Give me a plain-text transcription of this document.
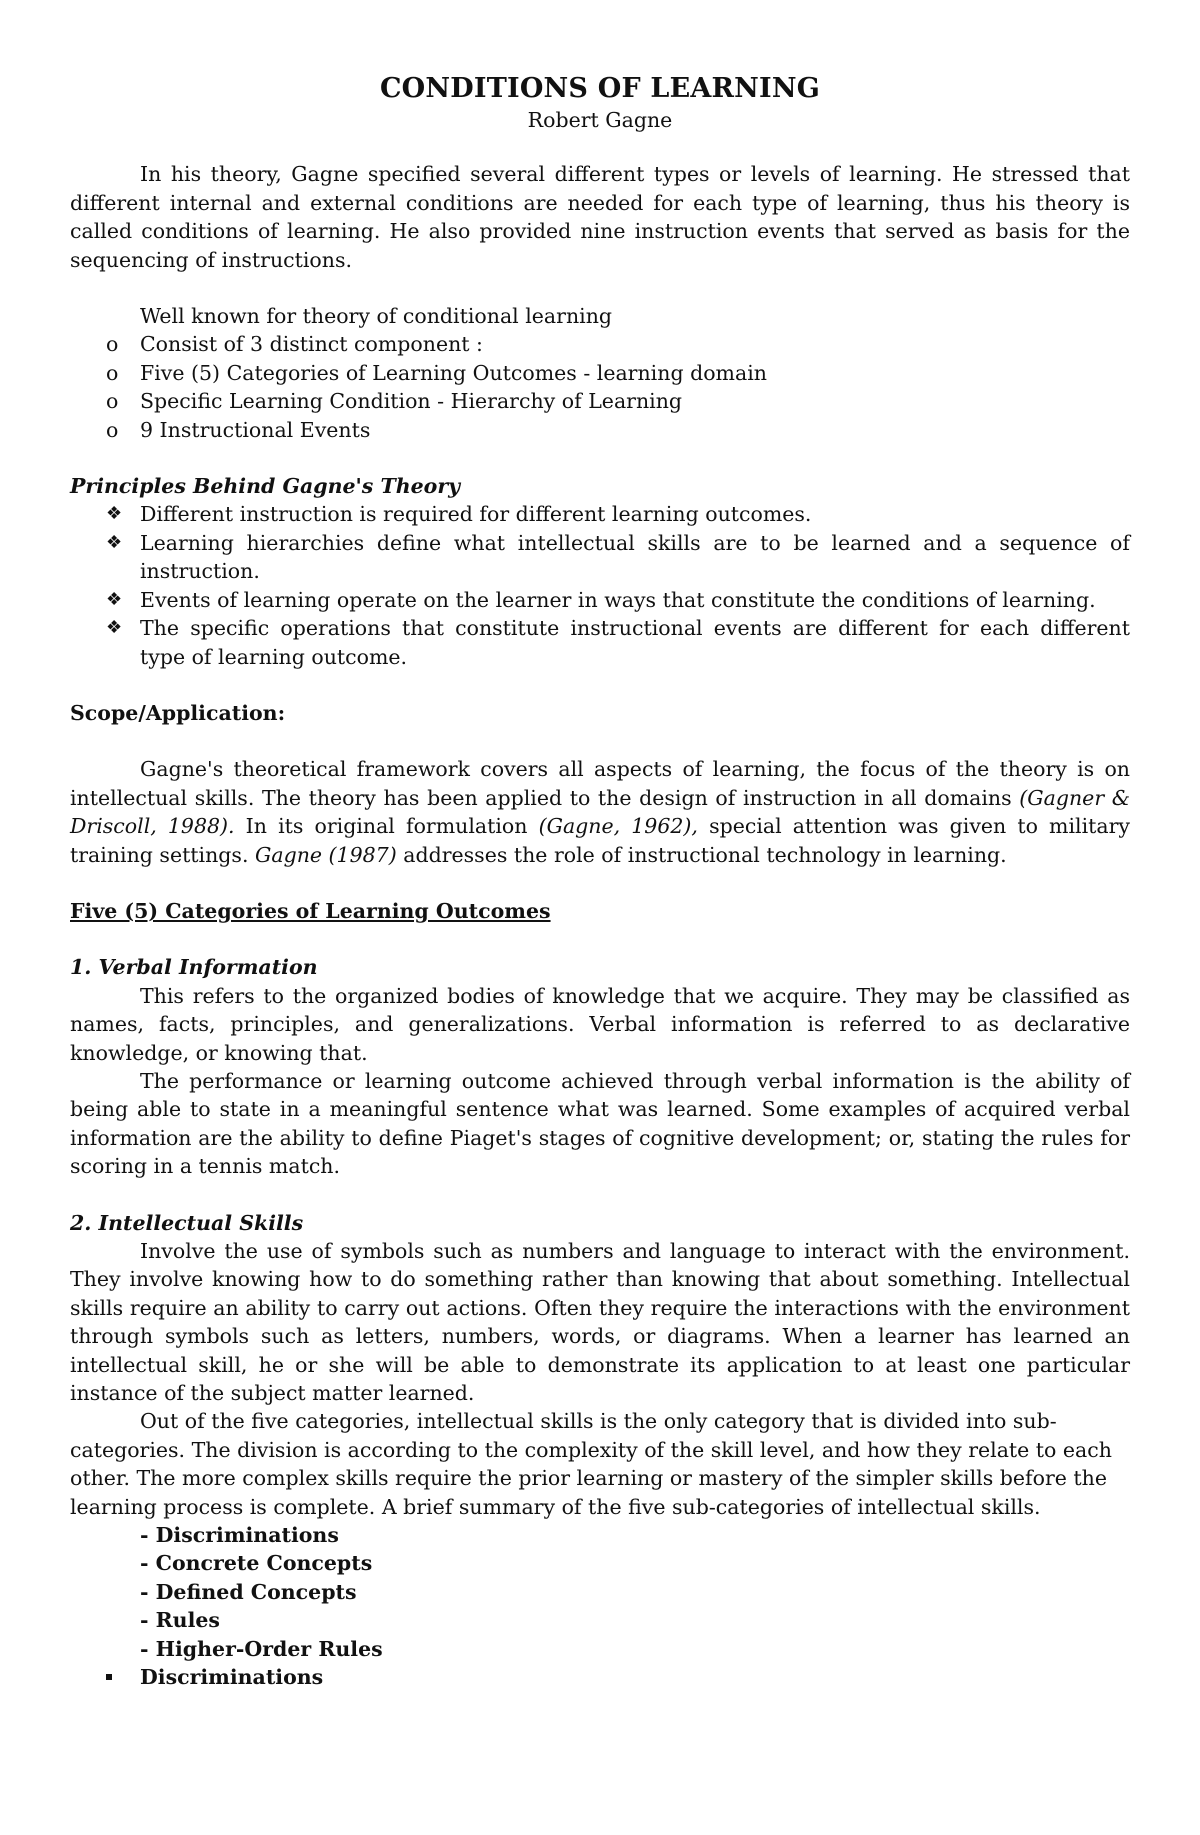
CONDITIONS OF LEARNING

Robert Gagne

In his theory, Gagne specified several different types or levels of learning. He stressed that different internal and external conditions are needed for each type of learning, thus his theory is called conditions of learning. He also provided nine instruction events that served as basis for the sequencing of instructions.

Well known for theory of conditional learning

o Consist of 3 distinct component :
o Five (5) Categories of Learning Outcomes - learning domain
o Specific Learning Condition - Hierarchy of Learning
o 9 Instructional Events

Principles Behind Gagne's Theory

❖ Different instruction is required for different learning outcomes.
❖ Learning hierarchies define what intellectual skills are to be learned and a sequence of instruction.
❖ Events of learning operate on the learner in ways that constitute the conditions of learning.
❖ The specific operations that constitute instructional events are different for each different type of learning outcome.

Scope/Application:

Gagne's theoretical framework covers all aspects of learning, the focus of the theory is on intellectual skills. The theory has been applied to the design of instruction in all domains (Gagner & Driscoll, 1988). In its original formulation (Gagne, 1962), special attention was given to military training settings. Gagne (1987) addresses the role of instructional technology in learning.

Five (5) Categories of Learning Outcomes

1. Verbal Information

This refers to the organized bodies of knowledge that we acquire. They may be classified as names, facts, principles, and generalizations. Verbal information is referred to as declarative knowledge, or knowing that.

The performance or learning outcome achieved through verbal information is the ability of being able to state in a meaningful sentence what was learned. Some examples of acquired verbal information are the ability to define Piaget's stages of cognitive development; or, stating the rules for scoring in a tennis match.

2. Intellectual Skills

Involve the use of symbols such as numbers and language to interact with the environment. They involve knowing how to do something rather than knowing that about something. Intellectual skills require an ability to carry out actions. Often they require the interactions with the environment through symbols such as letters, numbers, words, or diagrams. When a learner has learned an intellectual skill, he or she will be able to demonstrate its application to at least one particular instance of the subject matter learned.

Out of the five categories, intellectual skills is the only category that is divided into sub-categories. The division is according to the complexity of the skill level, and how they relate to each other. The more complex skills require the prior learning or mastery of the simpler skills before the learning process is complete. A brief summary of the five sub-categories of intellectual skills.

- Discriminations

- Concrete Concepts

- Defined Concepts

- Rules

- Higher-Order Rules

Discriminations
